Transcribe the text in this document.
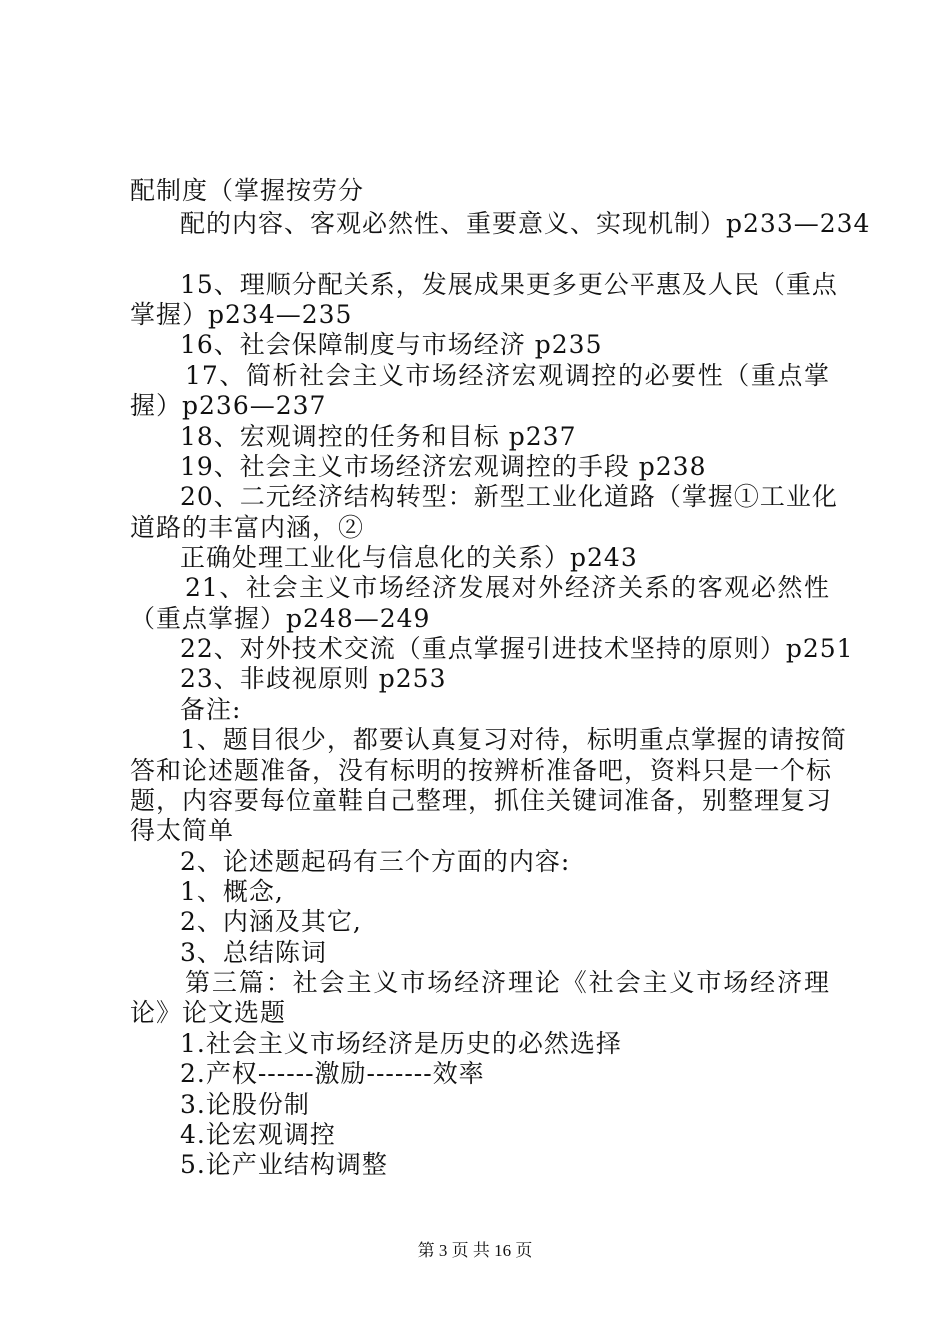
配制度（掌握按劳分
配的内容、客观必然性、重要意义、实现机制）p233—234
15、理顺分配关系，发展成果更多更公平惠及人民（重点
掌握）p234—235
16、社会保障制度与市场经济 p235
17、简析社会主义市场经济宏观调控的必要性（重点掌
握）p236—237
18、宏观调控的任务和目标 p237
19、社会主义市场经济宏观调控的手段 p238
20、二元经济结构转型：新型工业化道路（掌握①工业化
道路的丰富内涵，②
正确处理工业化与信息化的关系）p243
21、社会主义市场经济发展对外经济关系的客观必然性
（重点掌握）p248—249
22、对外技术交流（重点掌握引进技术坚持的原则）p251
23、非歧视原则 p253
备注:
1、题目很少，都要认真复习对待，标明重点掌握的请按简
答和论述题准备，没有标明的按辨析准备吧，资料只是一个标
题，内容要每位童鞋自己整理，抓住关键词准备，别整理复习
得太简单
2、论述题起码有三个方面的内容:
1、概念,
2、内涵及其它,
3、总结陈词
第三篇：社会主义市场经济理论《社会主义市场经济理
论》论文选题
1.社会主义市场经济是历史的必然选择
2.产权------激励-------效率
3.论股份制
4.论宏观调控
5.论产业结构调整
第 3 页 共 16 页
